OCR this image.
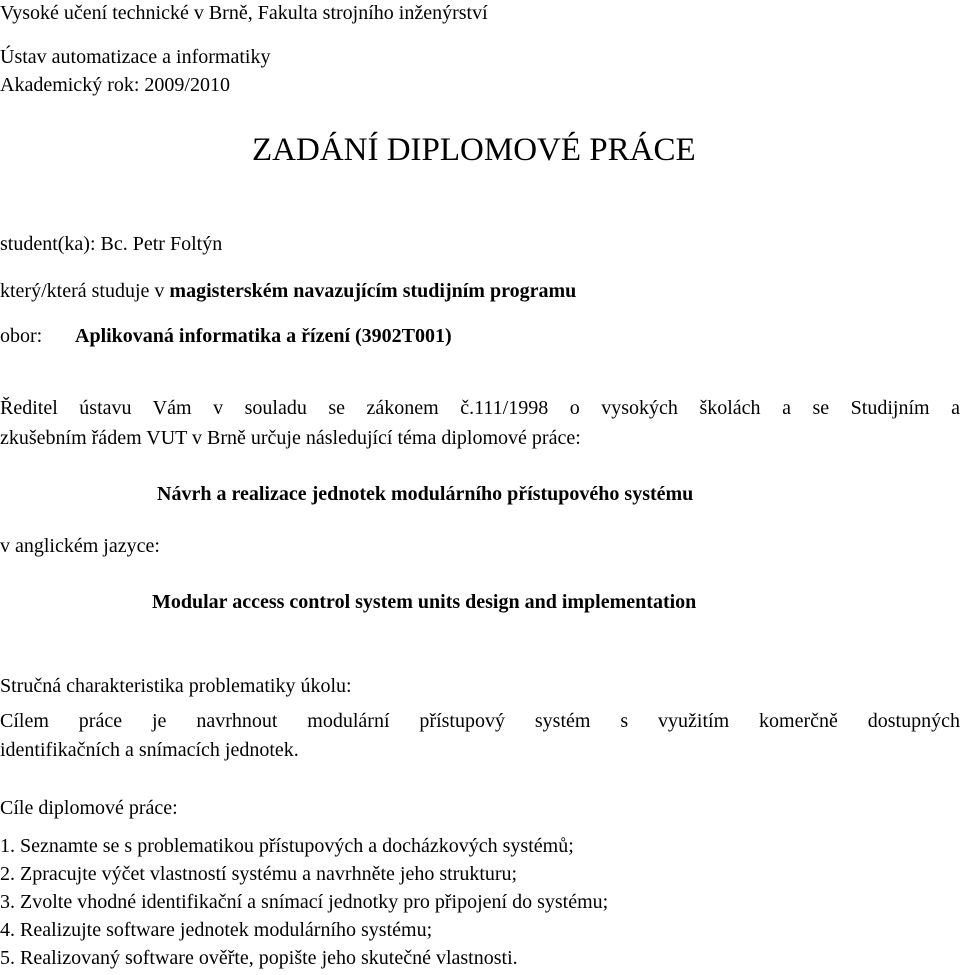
Vysoké učení technické v Brně, Fakulta strojního inženýrství
Ústav automatizace a informatiky
Akademický rok: 2009/2010
ZADÁNÍ DIPLOMOVÉ PRÁCE
student(ka): Bc. Petr Foltýn
který/která studuje v magisterském navazujícím studijním programu
obor: Aplikovaná informatika a řízení (3902T001)
Ředitel ústavu Vám v souladu se zákonem č.111/1998 o vysokých školách a se Studijním a
zkušebním řádem VUT v Brně určuje následující téma diplomové práce:
Návrh a realizace jednotek modulárního přístupového systému
v anglickém jazyce:
Modular access control system units design and implementation
Stručná charakteristika problematiky úkolu:
Cílem práce je navrhnout modulární přístupový systém s využitím komerčně dostupných
identifikačních a snímacích jednotek.
Cíle diplomové práce:
1. Seznamte se s problematikou přístupových a docházkových systémů;
2. Zpracujte výčet vlastností systému a navrhněte jeho strukturu;
3. Zvolte vhodné identifikační a snímací jednotky pro připojení do systému;
4. Realizujte software jednotek modulárního systému;
5. Realizovaný software ověřte, popište jeho skutečné vlastnosti.
